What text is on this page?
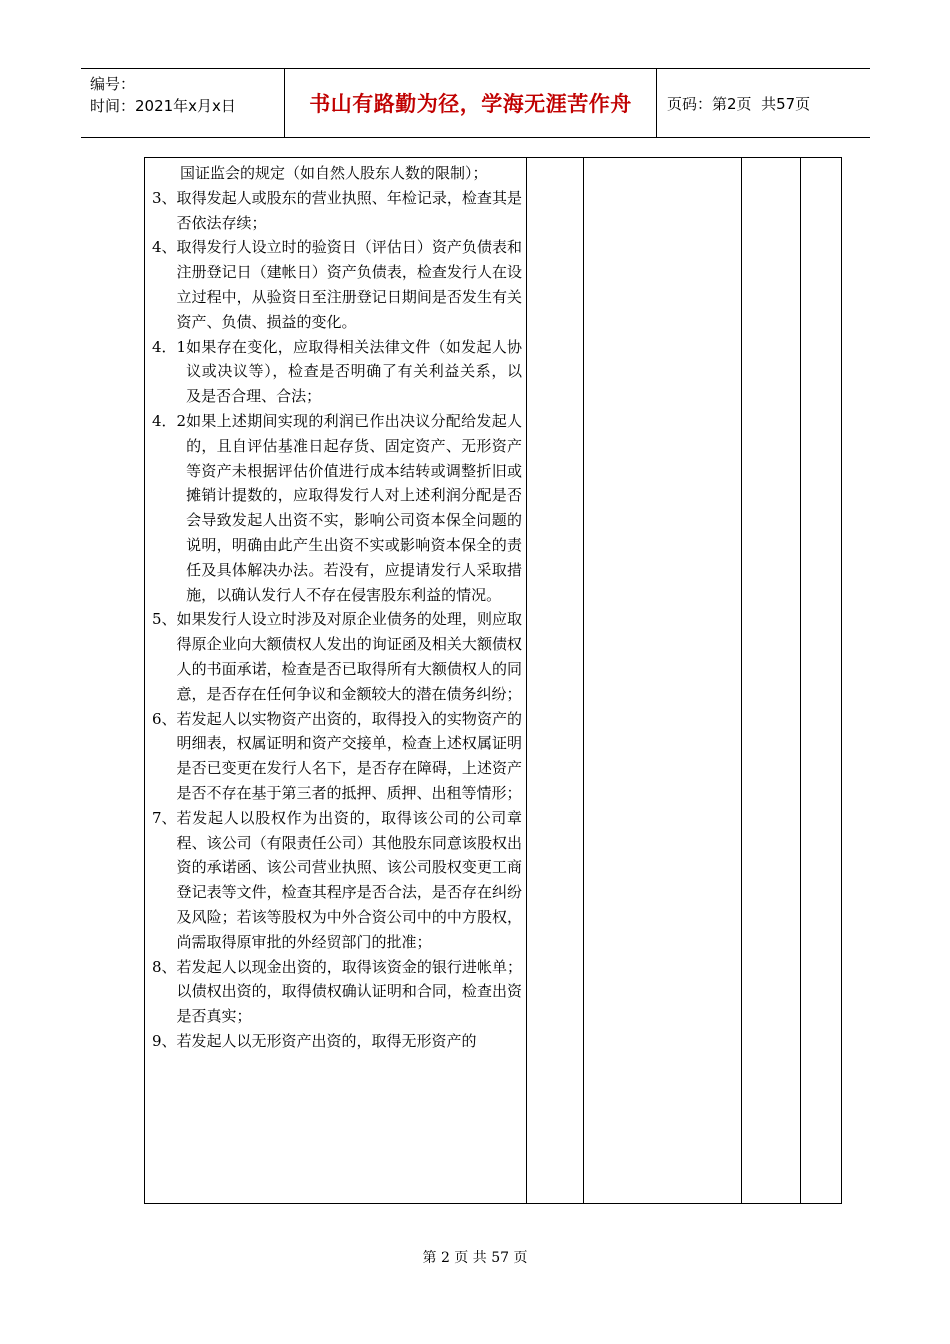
编号：
时间：2021年x月x日	书山有路勤为径，学海无涯苦作舟	页码：第2页  共57页
国证监会的规定（如自然人股东人数的限制）；
3、 取得发起人或股东的营业执照、年检记录，检查其是否依法存续；
4、 取得发行人设立时的验资日（评估日）资产负债表和注册登记日（建帐日）资产负债表，检查发行人在设立过程中，从验资日至注册登记日期间是否发生有关资产、负债、损益的变化。
4．1 如果存在变化，应取得相关法律文件（如发起人协议或决议等），检查是否明确了有关利益关系，以及是否合理、合法；
4．2 如果上述期间实现的利润已作出决议分配给发起人的，且自评估基准日起存货、固定资产、无形资产等资产未根据评估价值进行成本结转或调整折旧或摊销计提数的，应取得发行人对上述利润分配是否会导致发起人出资不实，影响公司资本保全问题的说明，明确由此产生出资不实或影响资本保全的责任及具体解决办法。若没有，应提请发行人采取措施，以确认发行人不存在侵害股东利益的情况。
5、 如果发行人设立时涉及对原企业债务的处理，则应取得原企业向大额债权人发出的询证函及相关大额债权人的书面承诺，检查是否已取得所有大额债权人的同意，是否存在任何争议和金额较大的潜在债务纠纷；
6、 若发起人以实物资产出资的，取得投入的实物资产的明细表，权属证明和资产交接单，检查上述权属证明是否已变更在发行人名下，是否存在障碍，上述资产是否不存在基于第三者的抵押、质押、出租等情形；
7、 若发起人以股权作为出资的，取得该公司的公司章程、该公司（有限责任公司）其他股东同意该股权出资的承诺函、该公司营业执照、该公司股权变更工商登记表等文件，检查其程序是否合法，是否存在纠纷及风险；若该等股权为中外合资公司中的中方股权，尚需取得原审批的外经贸部门的批准；
8、 若发起人以现金出资的，取得该资金的银行进帐单；以债权出资的，取得债权确认证明和合同，检查出资是否真实；
9、 若发起人以无形资产出资的，取得无形资产的
第 2 页 共 57 页
